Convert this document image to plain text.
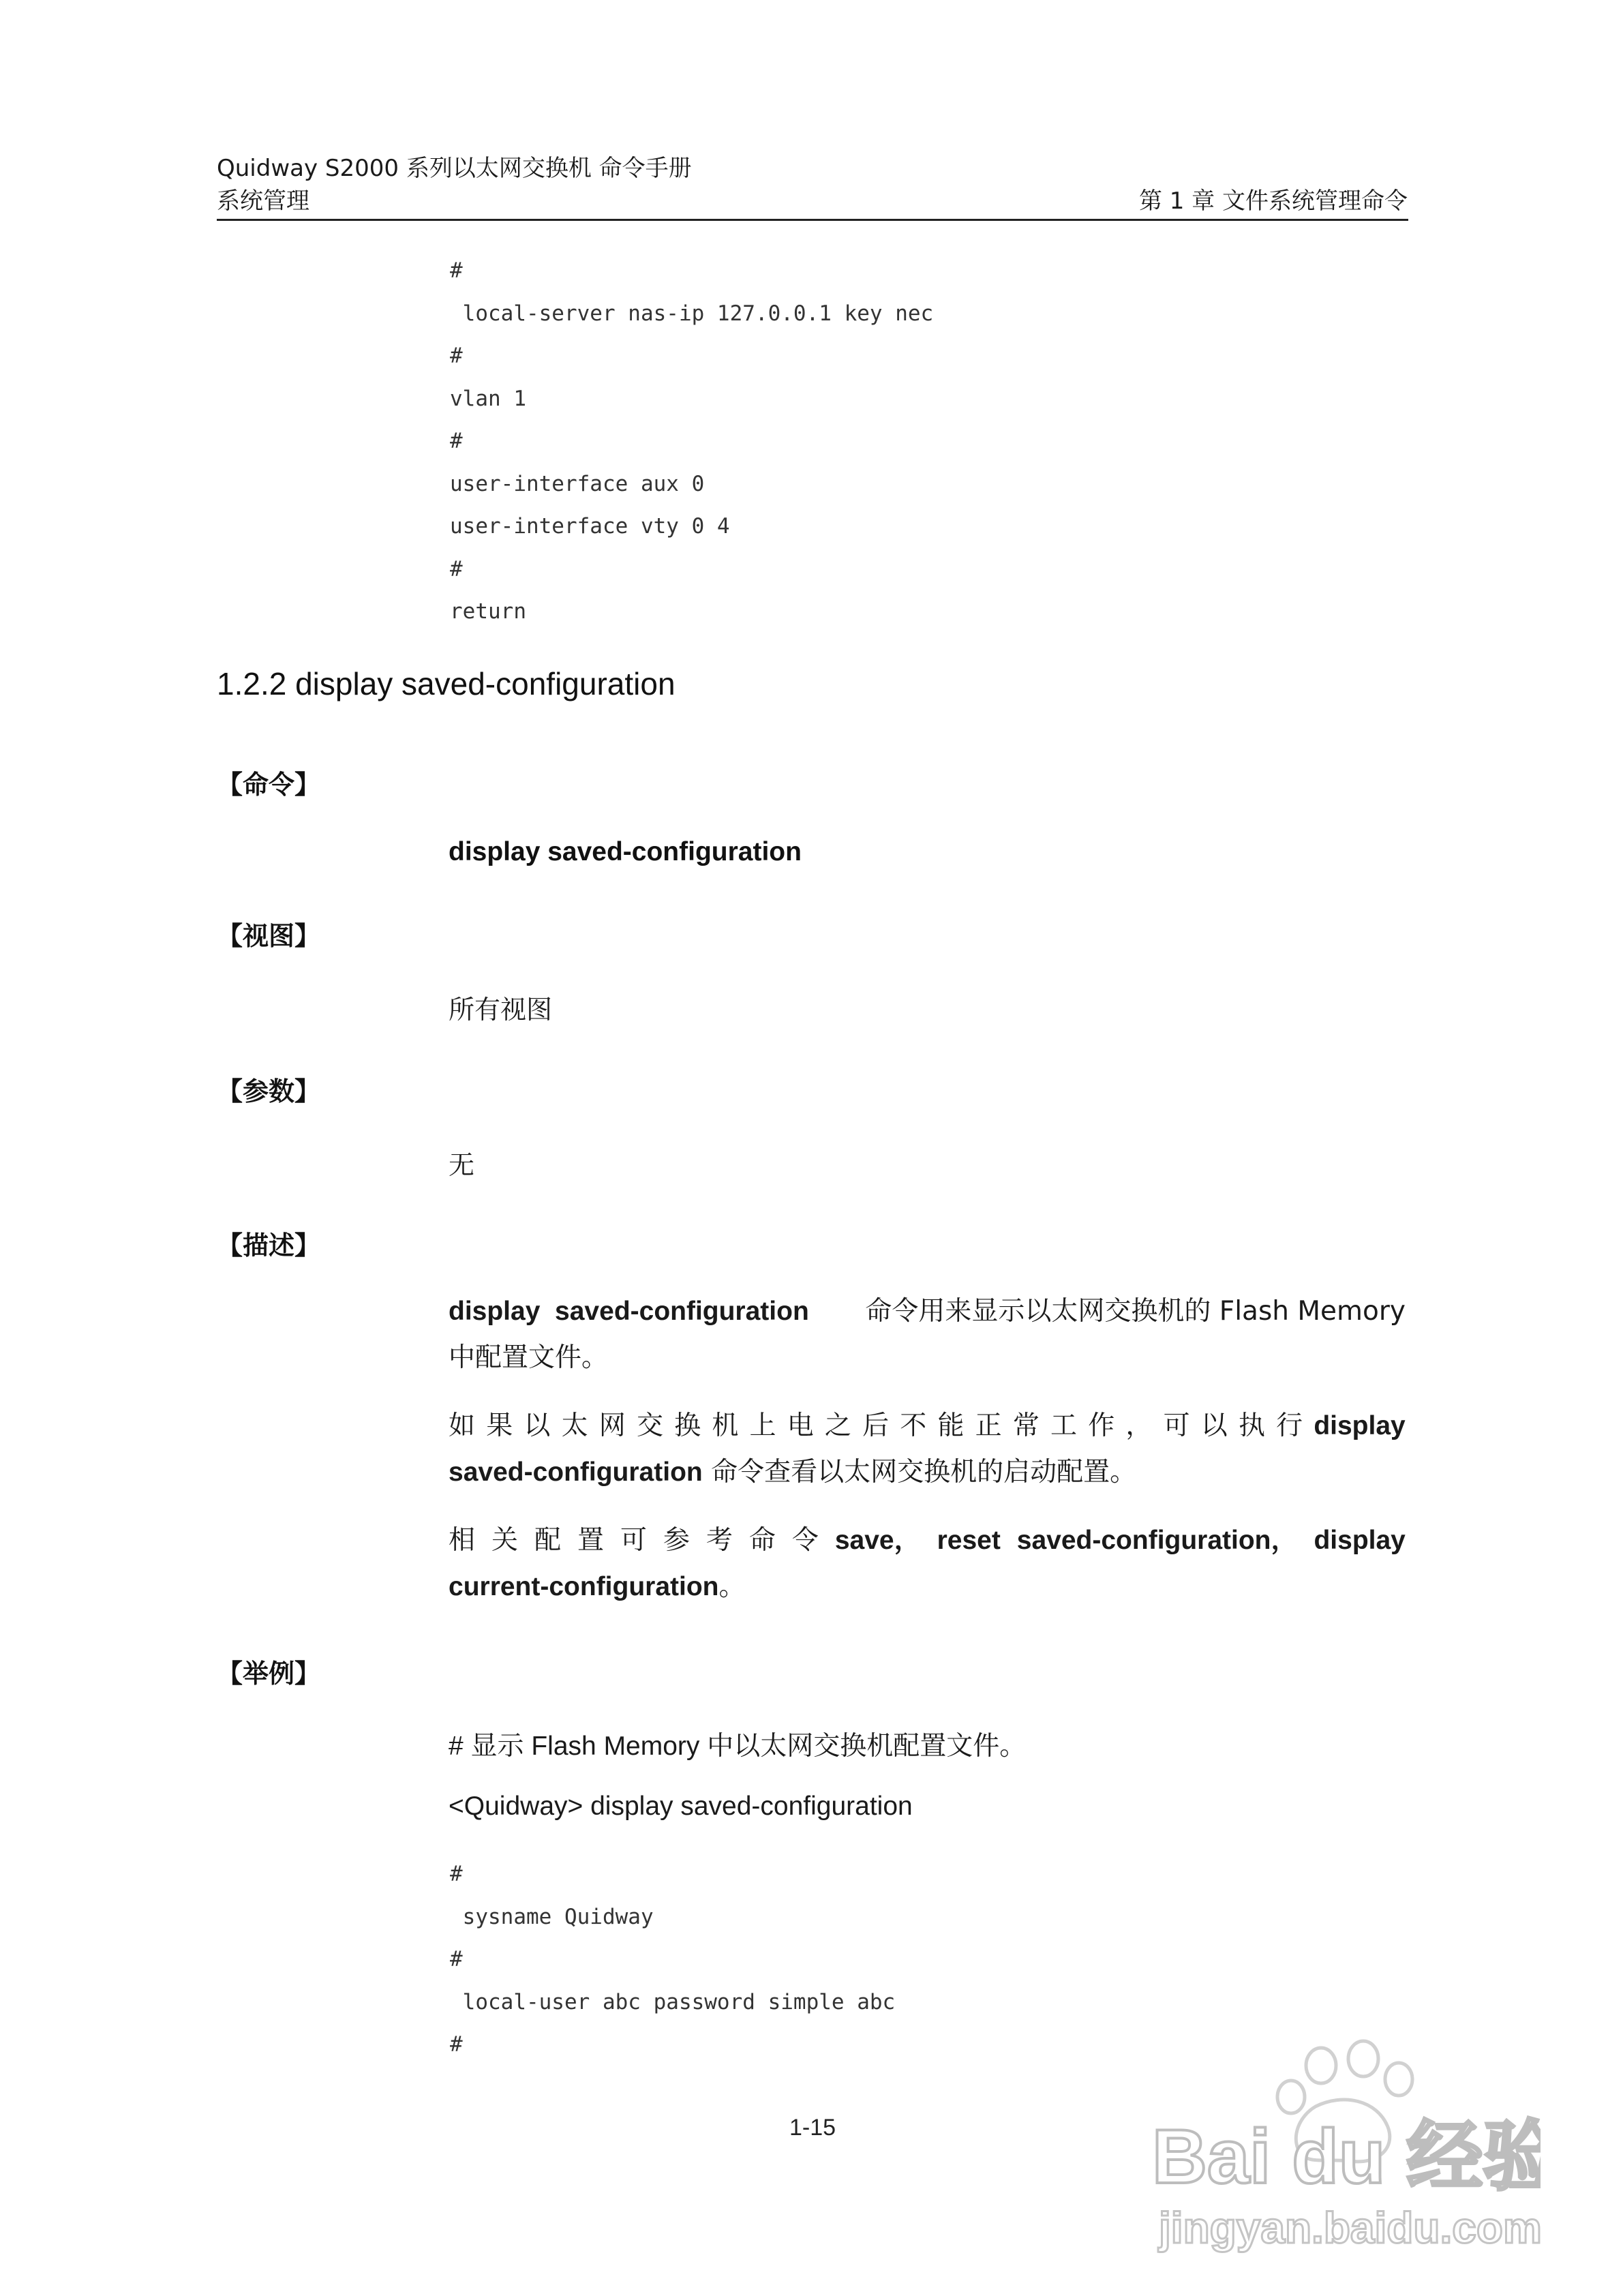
Quidway S2000 系列以太网交换机 命令手册
系统管理	第 1 章 文件系统管理命令
#
local-server nas-ip 127.0.0.1 key nec
#
vlan 1
#
user-interface aux 0
user-interface vty 0 4
#
return
1.2.2 display saved-configuration
【命令】
display saved-configuration
【视图】
所有视图
【参数】
无
【描述】
display  saved-configuration 命令用来显示以太网交换机的 Flash Memory
中配置文件。
如 果 以 太 网 交 换 机 上 电 之 后 不 能 正 常 工 作 ， 可 以 执 行 display
saved-configuration 命令查看以太网交换机的启动配置。
相 关 配 置 可 参 考 命 令 save， reset saved-configuration， display
current-configuration。
【举例】
# 显示 Flash Memory 中以太网交换机配置文件。
<Quidway> display saved-configuration
#
sysname Quidway
#
local-user abc password simple abc
#
1-15	Bai du 经验
jingyan.baidu.com
